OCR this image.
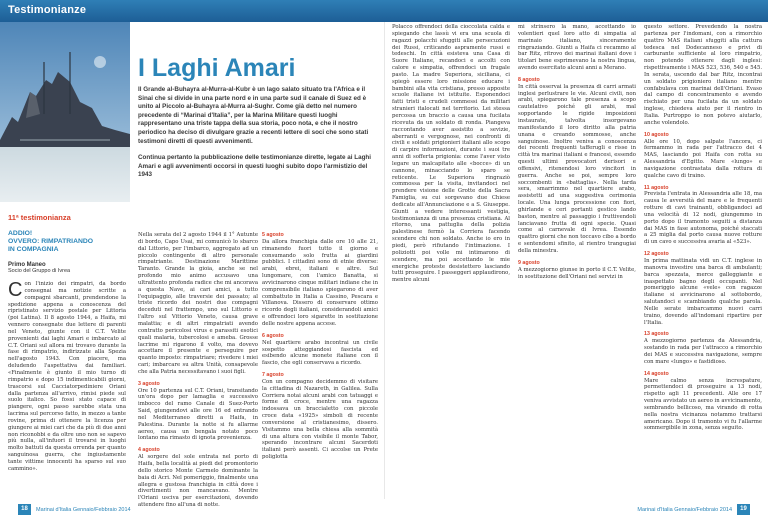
Testimonianze
I Laghi Amari

Il Grande al-Buhayra al-Murra-al-Kubr è un lago salato situato tra l'Africa e il Sinai che si divide in una parte nord e in una parte sud il canale di Suez ed è unito al Piccolo al-Buhayra al-Murra al-Sughr. Come già detto nel numero precedente di “Marinai d'Italia”, per la Marina Militare questi luoghi rappresentano una triste tappa della sua storia, poco nota, e che il nostro periodico ha deciso di divulgare grazie a recenti lettere di soci che sono stati testimoni diretti di questi avvenimenti.

Continua pertanto la pubblicazione delle testimonianze dirette, legate ai Laghi Amari e agli avvenimenti occorsi in questi luoghi subito dopo l'armistizio del 1943

11ª testimonianza
ADDIO!
OVVERO: RIMPATRIANDO
IN COMPAGNIA
Primo Maneo
Socio del Gruppo di Ivrea

Con l'inizio dei rimpatri, da bordo consegnai ma notizie scritte a compagni sbarcanti, prendendone la spedizione appena a conoscenza del ripristinato servizio postale per Littoria (poi Latina). Il 8 agosto 1944, a Haifa, mi vennero consegnate due lettere di parenti nel Veneto, giunte con il C.T. Velite provenienti dai laghi Amari e imbarcato al C.T. Oriani sul allora mi trovavo durante la fase di rimpatrio, indirizzate alla Spezia nell'agosto 1943. Con piacere, ma deludendo l'aspettativa dai familiari. «Finalmente è giunto il mio turno di rimpatrio e dopo 15 indimenticabili giorni, trascorsi sul Cacciatorpediniere Oriani dalla partenza all'arrivo, rimisi piede sul suolo italico. So fossi stato capace di piangere, ogni passo sarebbe stata una lacrima sul percorso fatto, in mezzo a tante rovine, prima di ottenere la licenza per giungere ai miei cari che da più di due anni non riconobbi e da oltre uno non se sapevo più nulla, all'infuori il trovarsi in luoghi molto battuti da questa orrenda per quanto sanguinosa guerra, che ingiustamente tante vittime innocenti ha sparso sul suo cammino».

Nella serata del 2 agosto 1944 il 1° Autunte di bordo, Capo Usai, mi comunicò lo sbarco dal Littorio, per l'imbarco, aggregato ad un piccolo contingente di altro personale rimpatriante. Destinazione Marittime Taranto. Grande la gioia, anche se nel profondo mio animo accusavo una ultrattento profonda radice che mi ancorava a questa Nave, ai cari amici, a tutto l'equipaggio, alle traversie dei passato; al triste ricordo dei nostri due compagni deceduti nel frattempo, uno sul Littorio e l'altro sul Vittorio Veneto, causa grave malattia; e di altri rimpatriati avendo contratto pericolosi virus e parassiti esotici quali malaria, tubercolosi e ameba. Grosse lacrime mi rigarono il volto, ma dovevo accettare il presente e perseguire per quanto imposto: rimpatriare; rivedere i miei cari; imbarcare su altra Unità, consapevole che alla Patria necessitavano i suoi figli.

3 agosto

Ore 10 partenza sul C.T. Oriani, transitando un'ora dopo per lamaglia e successivo imbocco del ramo Canale di Suez-Porto Said, giungendovi alle ore 16 ed entrando nel Mediterraneo diretti a Haifa, in Palestina. Durante la notte si fu allarme aereo, causa un bengala notato poco lontano ma rimasto di ignota provenienza.

4 agosto

Al sorgere del sole entrata nel porto di Haifa, bella località ai piedi del promontorio dello storico Monte Carmelo dominante la baia di Acri. Nel pomeriggio, finalmente una allegra e gustosa franchigia in città dove i divertimenti non mancavano. Mentre l'Oriani usciva per esercitazioni, dovendo attendere fino all'una di notte.

5 agosto

Da allora franchigia dalle ore 10 alle 21, rimanendo fuori tutto il giorno e consumando solo frutta ai giardini pubblici. I cittadini sono di etnie diverse: arabi, ebrei, italiani e altre. Sul lungomare, con l'amico Banatta, si avvicinarono cinque militari indiane che in comprensibile italiano spiegarono di aver combattuto in Italia a Cassino, Pescara e Villanova. Dissero di conservare ottimo ricordo degli italiani, considerandoli amici e offrendoci loro sigarette in sostituzione delle nostre appena accese.

6 agosto

Nel quartiere arabo incontrai un civile sospetto atteggiandosi fascista ed esibendo alcune monete italiane con il fascio, che egli conservava a ricordo.

7 agosto

Con un compagno decidemmo di visitare la cittadina di Nazareth, in Galilea. Sulla Corriera notai alcuni arabi con tatuaggi e forme di croce, mentre una ragazza indossava un braccialetto con piccole croce data «1925» simboli di recente conversione al cristianesimo, dissero. Visitammo una bella chiesa alla sommità di una altura con visibile il monte Tabor, sperando incontrare alcuni Sacerdoti italiani però assenti. Ci accolse un Prete poliglotta

Polacco offrendoci della cioccolata calda e spiegando che lassù vi era una scuola di ragazzi polacchi sfuggiti alle persecuzioni dei Russi, criticando aspramente russi e tedeschi. In città esisteva una Casa di Suore Italiane, recandoci e accolti con calore e simpatia, offrendoci un frugale pasto. La madre Superiora, siciliana, ci spiegò essere loro missione educare i bambini alla vita cristiana, presso apposite scuole italiane ivi istituite. Esponendoci fatti tristi e crudeli commessi da militari stranieri italocati nel territorio. Lei stessa percossa un braccio a causa una fucilata ricevuta da un soldato di ronda. Piangeva raccontando aver assistito a sevizie, aberranti e vergognose, nei confronti di civili e soldati prigionieri italiani allo scopo di carpire informazioni, durante i suoi tre anni di sofferta prigionia: come l'aver visto legare un malcapitato alle «bocce» di un cannone, minacciando lo sparo se reticente. Le Superiora ringraziò commossa per la visita, invitandoci nel prendere visione delle Grotte della Sacra Famiglia, su cui sorgevano due Chiese dedicate all'Annunciazione e a S. Giuseppe. Giunti a vedere interessanti vestigia, testimonianza di una presenza cristiana. Al ritorno, una pattuglia della polizia palestinese fermò la Corriera facendo scendere chi non soldato. Anche io ero in piedi, però rifiutando l'intimazione. I poliziotti poi volle mi intimarono di scendere, ma poi accettando le mie energiche proteste desistettero lasciando tutti proseguire. I passeggeri applaudirono, mentre alcuni

mi strinsero la mano, accettando io volentieri quel loro atto di simpatia al marinaio italiano, sinceramente ringraziando. Giunti a Haifa ci recammo al bar Ritz, ritrovo dei marinai italiani dove i titolari bene esprimevano la nostra lingua, avendo esercitato alcuni anni a Merano.

8 agosto

In città osservai la presenza di carri armati inglesi perlustrare le vie. Alcuni civili, non arabi, spiegarono tale presenza a scopo cautelativo poiché gli arabi, mal sopportando le rigide imposizioni instaurate, talvolta insorgevano manifestando il loro diritto alla patria unana e creando sommosse, anche sanguinose. Inoltre veniva a conoscenza dei recenti frequenti tafferugli e risse in città tra marinai italiani e francesi, essendo questi ultimi provocatori derisori e offensivi, ritenendosi loro vincitori in guerra. Anche se poi, sempre loro soccombenti in «battaglia». Nella tarda sera, smarrimmo nel quartiere arabo, assistetti ad una suggestiva cerimonia locale. Una lunga processione con fiori, ghirlande e ceri portanti gestico lando baston, mentre al passaggio i fruttivendoli lanciavano frutta di ogni specie. Quasi come al carnevale di Ivrea. Essendo quattro giorni che non toccavo cibo a bordo e sentendomi sfinito, al rientro trangugiai della minestra.

9 agosto

A mezzogiorno giunse in porto il C.T. Velite, in sostituzione dell'Oriani nel servizi in

questo settore. Prevedendo la nostra partenza per l'indomani, con a rimorchio quattro MAS italiani sfuggiti alla cattura tedesca nel Dodecanneso e privi di carburante sufficiente al loro rimpatrio, non potendo ottenere dagli inglesi: rispettivamente i MAS 523, 536, 540 e 545. In serata, uscendo dal bar Ritz, incontrai un soldato prigioniero italiano mentre confabulava con marinai dell'Oriani. Evaso dal campo di concentramento e avendo rischiato per una fucilata da un soldato inglese, chiedeva aiuto per il rientro in Italia. Purtroppo io non potevo aiutarlo, anche volendolo.

10 agosto

Alle ore 10, dopo salpate l'ancora, ci fermammo in rada per l'attracco dei 4 MAS, lasciando poi Haifa con rotta su Alessandria d'Egitto. Mare «lungo» e navigazione contrastata dalla rottura di qualche cavo di traino.

11 agosto

Prevista l'entrata in Alessandria alle 18, ma causa le avversità del mare e le frequenti rotture di cavi trainanti, obbligandoci ad una velocità di 12 nodi, giungemmo in porto dopo il tramonto seguiti a distanza dai MAS in fase autonoma, poiché staccati a 25 miglia dal porto causa nuove rotture di un cavo e successiva avaria al «523».

12 agosto

In prima mattinata vidi un C.T. inglese in manovra investire una barca di ambulanti; barca spezzata, merce galleggiante e inaspettato bagno degli occupanti. Nel pomeriggio alcune «vele» con ragazze italiane si avvicinarono al sottobordo, salutandoci e scambiando qualche parola. Nelle serate imbarcammo nuovi carri traino, dovendo all'indomani ripartire per l'Italia.

13 agosto

A mezzogiorno partenza da Alessandria, sostando in rada per l'attracco a rimorchio dei MAS e successiva navigazione, sempre con mare «lungo» e fastidioso.

14 agosto

Mare calmo senza increspature, permettendoci di proseguire a 13 nodi, rispetto agli 11 precedenti. Alle ore 17 veniva avvistato un aereo in avvicinamento, sembrando bellicoso, ma virando di rotta nella nostra vicinanza notammo trattarsi americano. Dopo il tramonto vi fu l'allarme sommergibile in zona, senza seguito.

18	Marinai d'Italia Gennaio/Febbraio 2014	Marinai d'Italia Gennaio/Febbraio 2014	19
